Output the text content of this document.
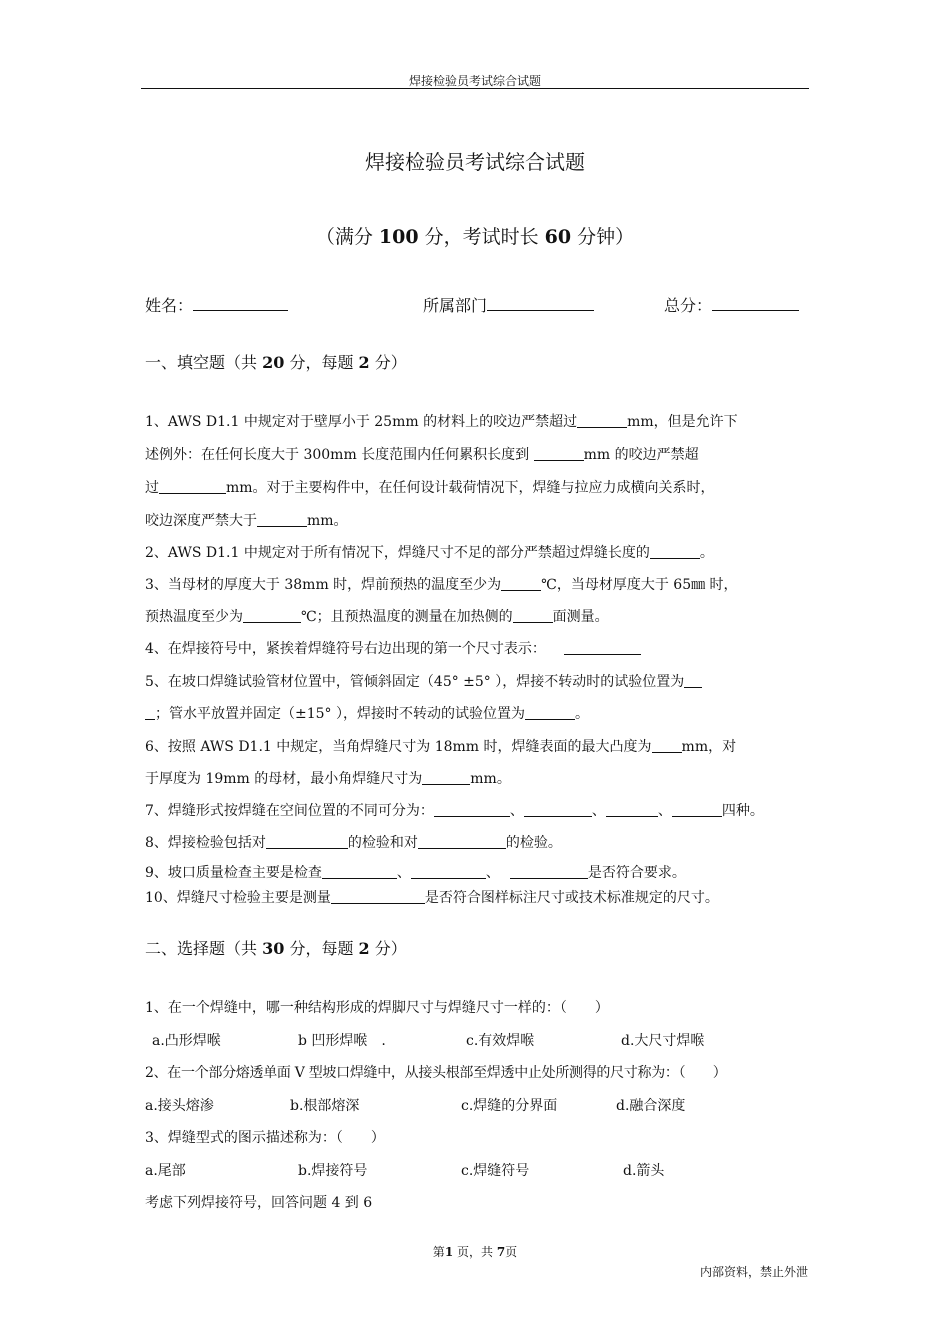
焊接检验员考试综合试题
焊接检验员考试综合试题
（满分 100 分，考试时长 60 分钟）
姓名：	所属部门	总分：
一、填空题（共 20 分，每题 2 分）
1、AWS D1.1 中规定对于壁厚小于 25mm 的材料上的咬边严禁超过	mm，但是允许下
述例外：在任何长度大于 300mm 长度范围内任何累积长度到	mm 的咬边严禁超
过	mm。对于主要构件中，在任何设计载荷情况下，焊缝与拉应力成横向关系时，
咬边深度严禁大于	mm。
2、AWS D1.1 中规定对于所有情况下，焊缝尺寸不足的部分严禁超过焊缝长度的	。
3、当母材的厚度大于 38mm 时，焊前预热的温度至少为	℃，当母材厚度大于 65㎜ 时，
预热温度至少为	℃；且预热温度的测量在加热侧的	面测量。
4、在焊接符号中，紧挨着焊缝符号右边出现的第一个尺寸表示：
5、在坡口焊缝试验管材位置中，管倾斜固定（45° ±5° ），焊接不转动时的试验位置为
；管水平放置并固定（±15° ），焊接时不转动的试验位置为	。
6、按照 AWS D1.1 中规定，当角焊缝尺寸为 18mm 时，焊缝表面的最大凸度为 mm，对
于厚度为 19mm 的母材，最小角焊缝尺寸为	mm。
7、焊缝形式按焊缝在空间位置的不同可分为：	、	、	、	四种。
8、焊接检验包括对	的检验和对	的检验。
9、坡口质量检查主要是检查	、	、	是否符合要求。
10、焊缝尺寸检验主要是测量	是否符合图样标注尺寸或技术标准规定的尺寸。
二、选择题（共 30 分，每题 2 分）
1、在一个焊缝中，哪一种结构形成的焊脚尺寸与焊缝尺寸一样的：（　　）
a.凸形焊喉	b 凹形焊喉　.	c.有效焊喉	d.大尺寸焊喉
2、在一个部分熔透单面 V 型坡口焊缝中，从接头根部至焊透中止处所测得的尺寸称为：（　　）
a.接头熔渗	b.根部熔深	c.焊缝的分界面	d.融合深度
3、焊缝型式的图示描述称为：（　　）
a.尾部	b.焊接符号	c.焊缝符号	d.箭头
考虑下列焊接符号，回答问题 4 到 6
第1 页，共 7页
内部资料，禁止外泄
